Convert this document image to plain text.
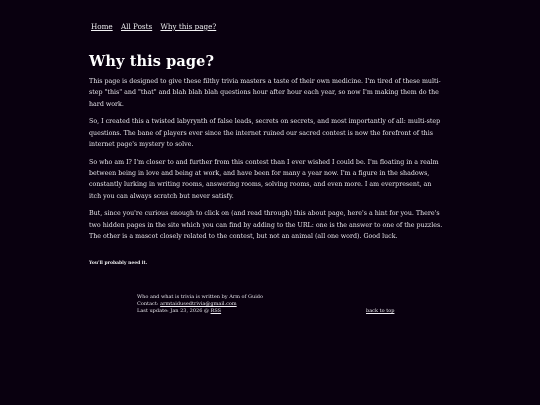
Home All Posts Why this page?
Why this page?

This page is designed to give these filthy trivia masters a taste of their own medicine. I'm tired of these multi-step "this" and "that" and blah blah blah questions hour after hour each year, so now I'm making them do the hard work.

So, I created this a twisted labyrynth of false leads, secrets on secrets, and most importantly of all: multi-step questions. The bane of players ever since the internet ruined our sacred contest is now the forefront of this internet page's mystery to solve.

So who am I? I'm closer to and further from this contest than I ever wished I could be. I'm floating in a realm between being in love and being at work, and have been for many a year now. I'm a figure in the shadows, constantly lurking in writing rooms, answering rooms, solving rooms, and even more. I am everpresent, an itch you can always scratch but never satisfy.

But, since you're curious enough to click on (and read through) this about page, here's a hint for you. There's two hidden pages in the site which you can find by adding to the URL: one is the answer to one of the puzzles. The other is a mascot closely related to the contest, but not an animal (all one word). Good luck.

You'll probably need it.
Who and what is trivia is written by Arm of Guido
Contact: armtaidusedtrivia@gmail.com
Last update: Jan 23, 2026 @ RSS	back to top
